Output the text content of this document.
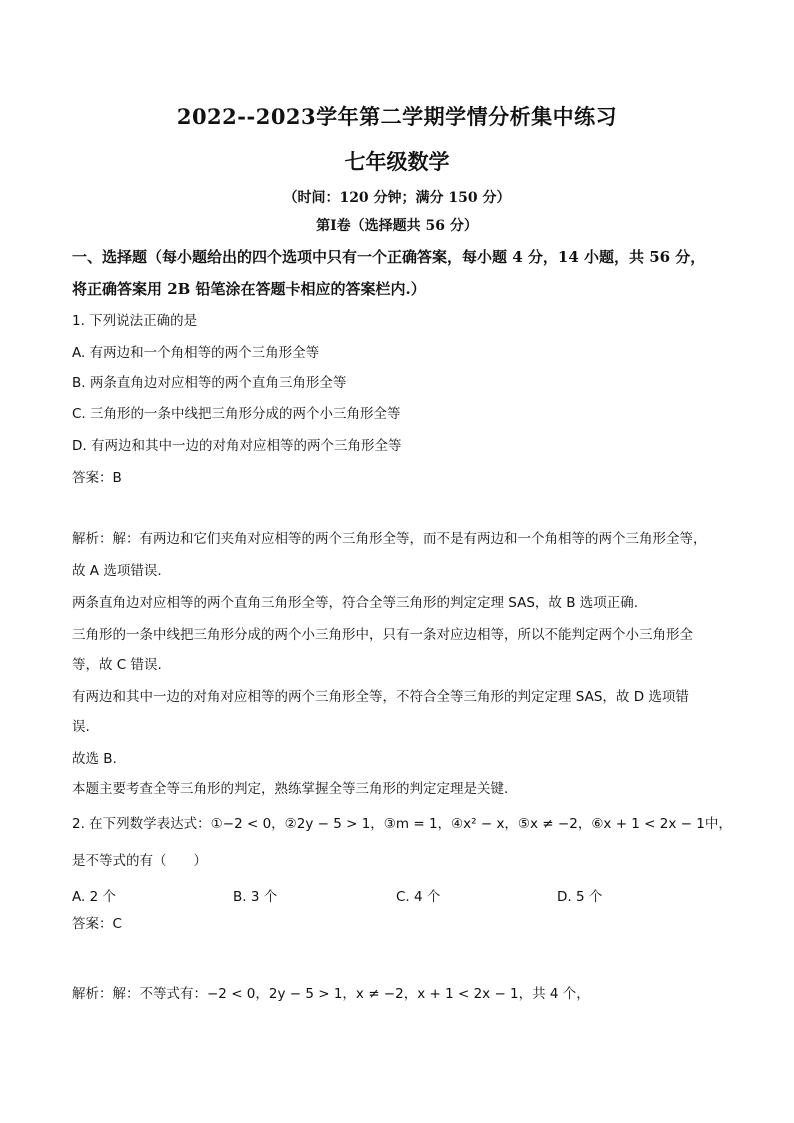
2022--2023学年第二学期学情分析集中练习
七年级数学
（时间：120 分钟；满分 150 分）
第Ⅰ卷（选择题共 56 分）
一、选择题（每小题给出的四个选项中只有一个正确答案，每小题 4 分，14 小题，共 56 分，
将正确答案用 2B 铅笔涂在答题卡相应的答案栏内.）
1. 下列说法正确的是
A. 有两边和一个角相等的两个三角形全等
B. 两条直角边对应相等的两个直角三角形全等
C. 三角形的一条中线把三角形分成的两个小三角形全等
D. 有两边和其中一边的对角对应相等的两个三角形全等
答案：B
解析：解：有两边和它们夹角对应相等的两个三角形全等，而不是有两边和一个角相等的两个三角形全等，
故 A 选项错误.
两条直角边对应相等的两个直角三角形全等，符合全等三角形的判定定理 SAS，故 B 选项正确.
三角形的一条中线把三角形分成的两个小三角形中，只有一条对应边相等，所以不能判定两个小三角形全
等，故 C 错误.
有两边和其中一边的对角对应相等的两个三角形全等，不符合全等三角形的判定定理 SAS，故 D 选项错
误.
故选 B.
本题主要考查全等三角形的判定，熟练掌握全等三角形的判定定理是关键.
2. 在下列数学表达式：①−2 < 0，②2y − 5 > 1，③m = 1，④x² − x，⑤x ≠ −2，⑥x + 1 < 2x − 1中，
是不等式的有（　　）
A. 2 个	B. 3 个	C. 4 个	D. 5 个
答案：C
解析：解：不等式有：−2 < 0，2y − 5 > 1，x ≠ −2，x + 1 < 2x − 1，共 4 个，
